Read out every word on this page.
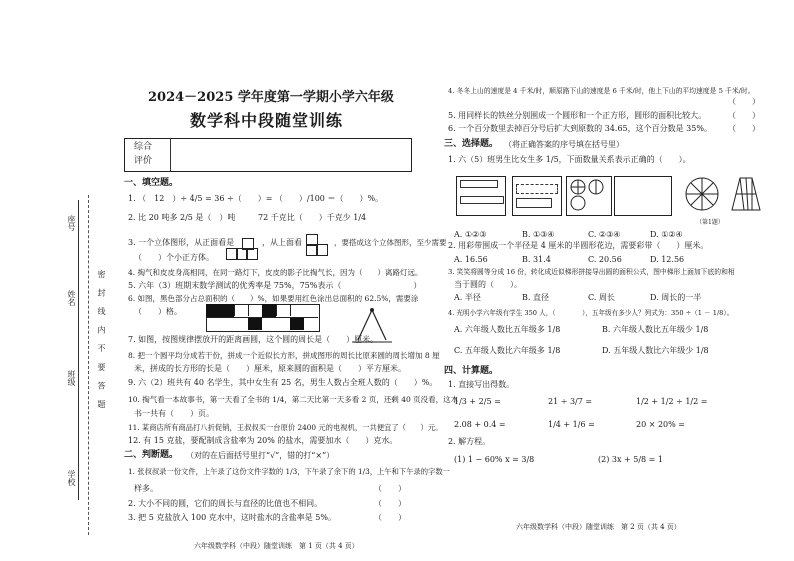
密 封 线 内 不 要 答 题
学校
班级
姓名
座号
2024－2025 学年度第一学期小学六年级
数学科中段随堂训练
综合
评价
一、填空题。
1. （　12　）÷ 4/5 = 36 ÷（　　）= （　　）/100 ＝（　　）%。
2. 比 20 吨多 2/5 是（　）吨	72 千克比（　　）千克少 1/4
3. 一个立体图形，从正面看是	，从上面看	，要搭成这个立体图形，至少需要
（　　）个小正方体。
4. 掏气和皮皮身高相同，在同一路灯下，皮皮的影子比掏气长，因为（　　）离路灯远。
5. 六年（3）班期末数学测试的优秀率是 75%，75%表示（　　　　　　　　　）
6. 如图，黑色部分占总面积的（　　）%，如果要用红色涂出总面积的 62.5%，需要涂
（　　）格。
7. 如图，按图规律摆放开的距离画圆，这个圆的周长是（　　）厘米。
8. 把一个圆平均分成若干份，拼成一个近似长方形，拼成图形的周长比原来圆的周长增加 8 厘
米，拼成的长方形的长是（　　）厘米，原来圆的面积是（　　）平方厘米。
9. 六（2）班共有 40 名学生，其中女生有 25 名，男生人数占全班人数的（　　）%。
10. 掏气看一本故事书，第一天看了全书的 1/4，第二天比第一天多看 2 页，还剩 40 页没看，这本
书一共有（　　）页。
11. 某商店所有商品打八折促销，王叔叔买一台原价 2400 元的电视机，一共便宜了（　　）元。
12. 有 15 克盐，要配制成含盐率为 20% 的盐水，需要加水（　　）克水。
二、判断题。 （对的在后面括号里打“√”，错的打“×”）
1. 张叔叔录一份文件，上午录了这份文件字数的 1/3，下午录了余下的 1/3，上午和下午录的字数一
样多。	（　　）
2. 大小不同的圆，它们的周长与直径的比值也不相同。	（　　）
3. 把 5 克盐放入 100 克水中，这时盐水的含盐率是 5%。	（　　）
六年级数学科（中段）随堂训练　第 1 页（共 4 页）
4. 冬冬上山的速度是 4 千米/时，顺原路下山的速度是 6 千米/时，他上下山的平均速度是 5 千米/时。
（　　）
5. 用同样长的铁丝分别围成一个圆形和一个正方形，圆形的面积比较大。	（　　）
6. 一个百分数里去掉百分号后扩大到原数的 34.65，这个百分数是 35%。 （　　）
三、选择题。 （将正确答案的序号填在括号里）
1. 六（5）班男生比女生多 1/5，下面数量关系表示正确的（　　）。
（第1题）
A. ①②③	B. ①③④	C. ②③④	D. ①②④
2. 用彩带围成一个半径是 4 厘米的半圆形花边，需要彩带（　　）厘米。
A. 16.56	B. 31.4	C. 20.56	D. 12.56
3. 笑笑将圆等分成 16 份，转化成近似梯形拼接导出圆的面积公式，图中梯形上面加下底的和相
当于圆的（　　）。
A. 半径	B. 直径	C. 周长	D. 周长的一半
4. 光明小学六年级有学生 350 人，（　　　　），五年级有多少人？列式为：350 ÷（1 － 1/8）。
A. 六年级人数比五年级多 1/8	B. 六年级人数比五年级少 1/8
C. 五年级人数比六年级多 1/8	D. 五年级人数比六年级少 1/8
四、计算题。
1. 直接写出得数。
1/3 + 2/5 =	21 ÷ 3/7 =	1/2 + 1/2 ÷ 1/2 =
2.08 + 0.4 =	1/4 + 1/6 =	20 × 20% =
2. 解方程。
(1) 1 − 60% x = 3/8	(2) 3x + 5/8 = 1
六年级数学科（中段）随堂训练　第 2 页（共 4 页）
